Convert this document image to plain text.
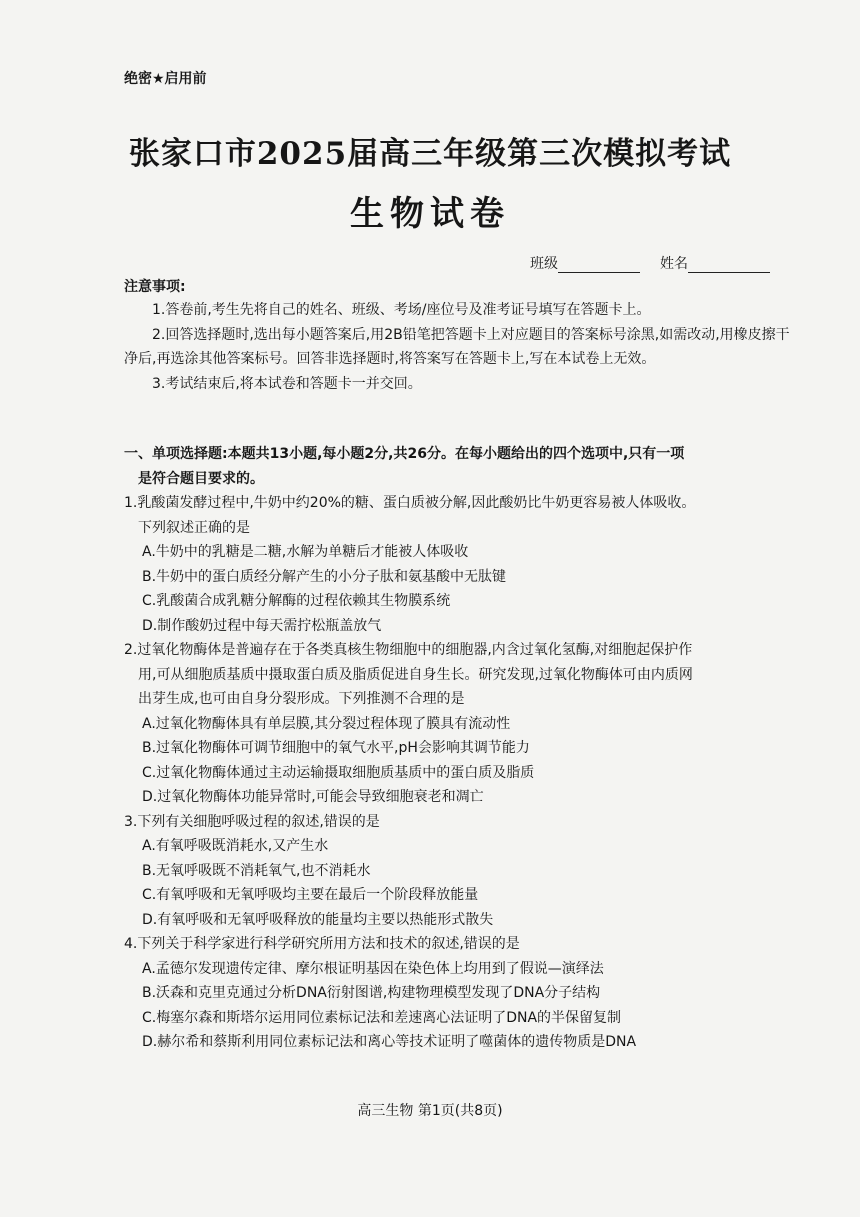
绝密★启用前
张家口市2025届高三年级第三次模拟考试
生物试卷
班级	姓名
注意事项:

1.答卷前,考生先将自己的姓名、班级、考场/座位号及准考证号填写在答题卡上。

2.回答选择题时,选出每小题答案后,用2B铅笔把答题卡上对应题目的答案标号涂黑,如需改动,用橡皮擦干净后,再选涂其他答案标号。回答非选择题时,将答案写在答题卡上,写在本试卷上无效。

3.考试结束后,将本试卷和答题卡一并交回。

一、单项选择题:本题共13小题,每小题2分,共26分。在每小题给出的四个选项中,只有一项
是符合题目要求的。
1.乳酸菌发酵过程中,牛奶中约20%的糖、蛋白质被分解,因此酸奶比牛奶更容易被人体吸收。
下列叙述正确的是
A.牛奶中的乳糖是二糖,水解为单糖后才能被人体吸收
B.牛奶中的蛋白质经分解产生的小分子肽和氨基酸中无肽键
C.乳酸菌合成乳糖分解酶的过程依赖其生物膜系统
D.制作酸奶过程中每天需拧松瓶盖放气
2.过氧化物酶体是普遍存在于各类真核生物细胞中的细胞器,内含过氧化氢酶,对细胞起保护作
用,可从细胞质基质中摄取蛋白质及脂质促进自身生长。研究发现,过氧化物酶体可由内质网
出芽生成,也可由自身分裂形成。下列推测不合理的是
A.过氧化物酶体具有单层膜,其分裂过程体现了膜具有流动性
B.过氧化物酶体可调节细胞中的氧气水平,pH会影响其调节能力
C.过氧化物酶体通过主动运输摄取细胞质基质中的蛋白质及脂质
D.过氧化物酶体功能异常时,可能会导致细胞衰老和凋亡
3.下列有关细胞呼吸过程的叙述,错误的是
A.有氧呼吸既消耗水,又产生水
B.无氧呼吸既不消耗氧气,也不消耗水
C.有氧呼吸和无氧呼吸均主要在最后一个阶段释放能量
D.有氧呼吸和无氧呼吸释放的能量均主要以热能形式散失
4.下列关于科学家进行科学研究所用方法和技术的叙述,错误的是
A.孟德尔发现遗传定律、摩尔根证明基因在染色体上均用到了假说—演绎法
B.沃森和克里克通过分析DNA衍射图谱,构建物理模型发现了DNA分子结构
C.梅塞尔森和斯塔尔运用同位素标记法和差速离心法证明了DNA的半保留复制
D.赫尔希和蔡斯利用同位素标记法和离心等技术证明了噬菌体的遗传物质是DNA
高三生物 第1页(共8页)
